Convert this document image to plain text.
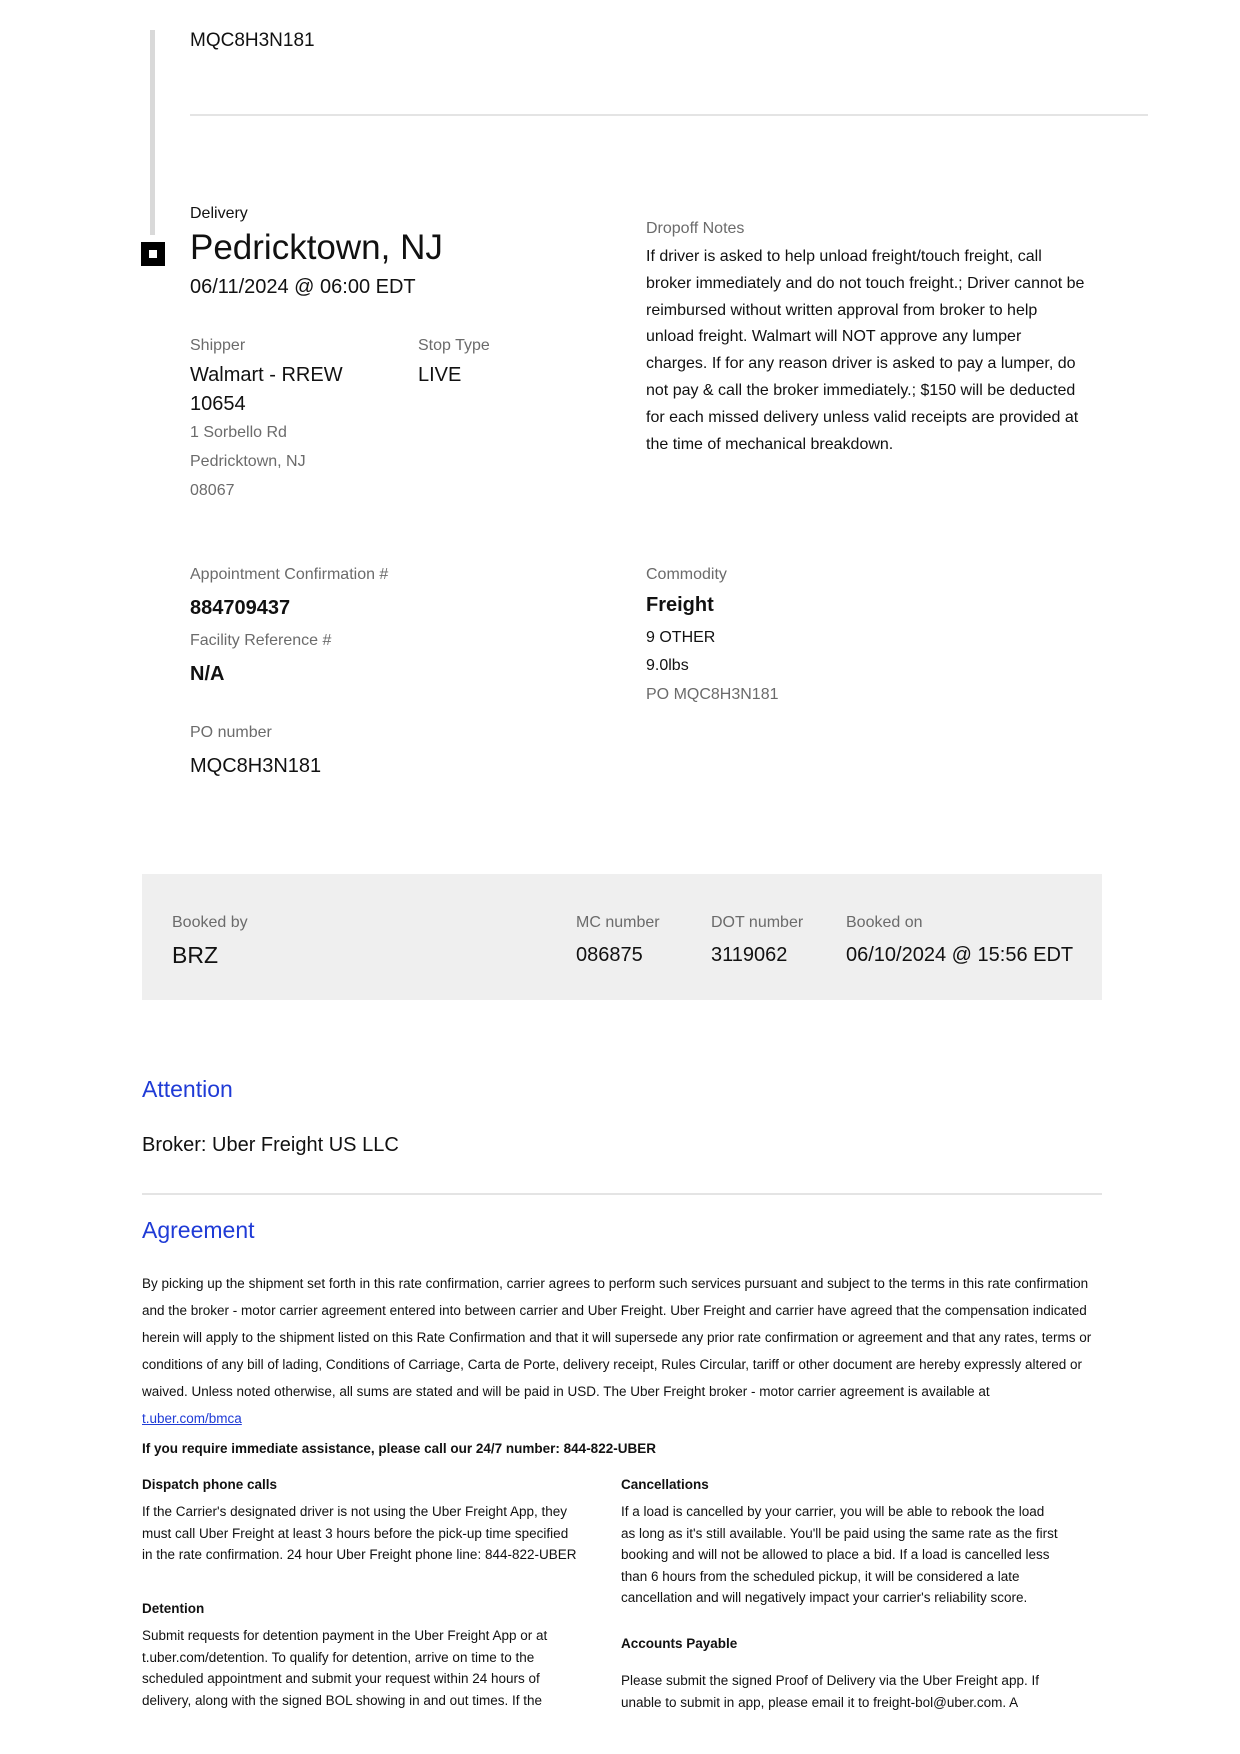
MQC8H3N181
Delivery
Pedricktown, NJ
06/11/2024 @ 06:00 EDT
Shipper
Walmart - RREW
10654
1 Sorbello Rd
Pedricktown, NJ
08067
Stop Type
LIVE
Dropoff Notes
If driver is asked to help unload freight/touch freight, call broker immediately and do not touch freight.; Driver cannot be reimbursed without written approval from broker to help unload freight. Walmart will NOT approve any lumper charges. If for any reason driver is asked to pay a lumper, do not pay & call the broker immediately.; $150 will be deducted for each missed delivery unless valid receipts are provided at the time of mechanical breakdown.
Appointment Confirmation #
884709437
Facility Reference #
N/A
PO number
MQC8H3N181
Commodity
Freight
9 OTHER
9.0lbs
PO MQC8H3N181
Booked by
BRZ
MC number
086875
DOT number
3119062
Booked on
06/10/2024 @ 15:56 EDT
Attention
Broker: Uber Freight US LLC
Agreement
By picking up the shipment set forth in this rate confirmation, carrier agrees to perform such services pursuant and subject to the terms in this rate confirmation and the broker - motor carrier agreement entered into between carrier and Uber Freight. Uber Freight and carrier have agreed that the compensation indicated herein will apply to the shipment listed on this Rate Confirmation and that it will supersede any prior rate confirmation or agreement and that any rates, terms or conditions of any bill of lading, Conditions of Carriage, Carta de Porte, delivery receipt, Rules Circular, tariff or other document are hereby expressly altered or waived. Unless noted otherwise, all sums are stated and will be paid in USD. The Uber Freight broker - motor carrier agreement is available at t.uber.com/bmca
If you require immediate assistance, please call our 24/7 number: 844-822-UBER
Dispatch phone calls
If the Carrier's designated driver is not using the Uber Freight App, they must call Uber Freight at least 3 hours before the pick-up time specified in the rate confirmation. 24 hour Uber Freight phone line: 844-822-UBER
Detention
Submit requests for detention payment in the Uber Freight App or at t.uber.com/detention. To qualify for detention, arrive on time to the scheduled appointment and submit your request within 24 hours of delivery, along with the signed BOL showing in and out times. If the
Cancellations
If a load is cancelled by your carrier, you will be able to rebook the load as long as it's still available. You'll be paid using the same rate as the first booking and will not be allowed to place a bid. If a load is cancelled less than 6 hours from the scheduled pickup, it will be considered a late cancellation and will negatively impact your carrier's reliability score.
Accounts Payable
Please submit the signed Proof of Delivery via the Uber Freight app. If unable to submit in app, please email it to freight-bol@uber.com. A
